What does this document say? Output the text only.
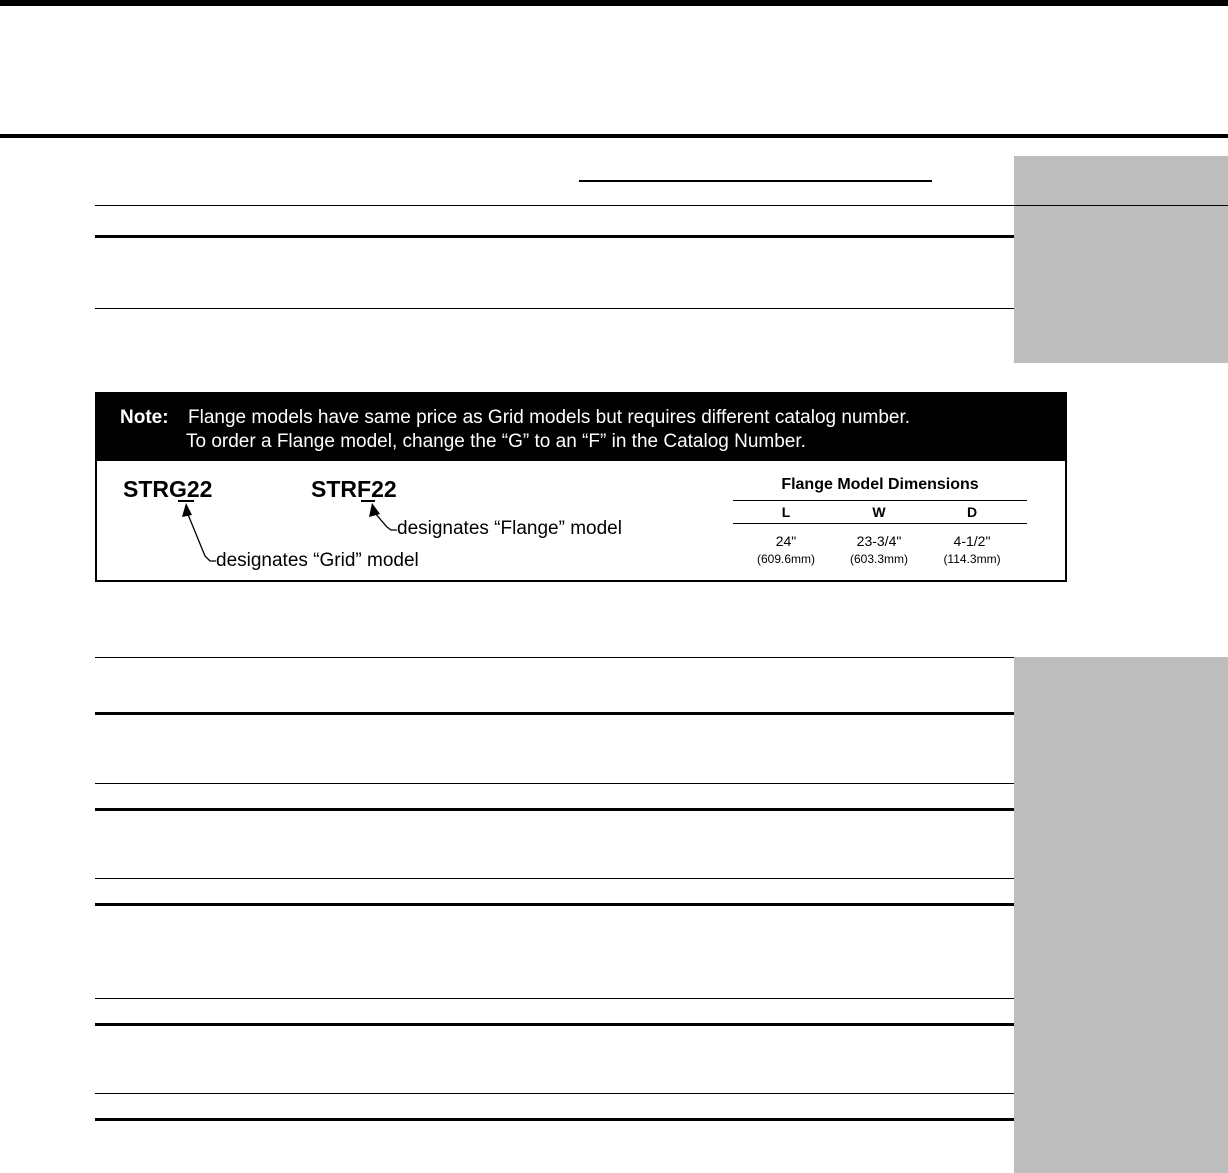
Note: Flange models have same price as Grid models but requires different catalog number.
To order a Flange model, change the “G” to an “F” in the Catalog Number.
STRG22	STRF22
designates “Flange” model
designates “Grid” model
Flange Model Dimensions
L	W	D
24"	23-3/4"	4-1/2"
(609.6mm)	(603.3mm)	(114.3mm)
